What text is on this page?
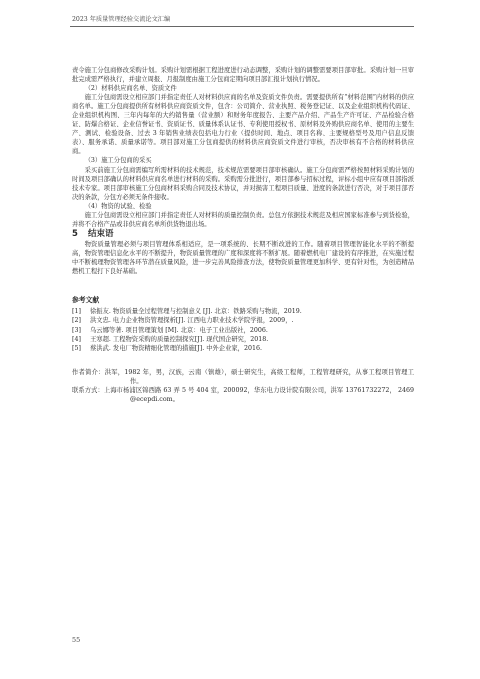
2023 年质量管理经验交流论文汇编

责令施工分包商修改采购计划。采购计划需根据工程进度进行动态调整，采购计划的调整需要项目部审批。采购计划一旦审批完成需严格执行，并建立周报、月报制度由施工分包商定期向项目部汇报计划执行情况。

（2）材料供应商名单、资质文件

施工分包商需设立相应部门并指定责任人对材料供应商的名单及资质文件负责。需要提供所有“材料范围”内材料的供应商名单。施工分包商提供所有材料供应商资质文件，包含：公司简介、营业执照、税务登记证、以及企业组织机构代码证、企业组织机构图、三年内每年的大约销售量（营业额）和财务年度报告、主要产品介绍、产品生产许可证、产品检验合格证、防爆合格证、企业信誉证书、资质证书、质量体系认证书、专利使用授权书、原材料及外购供应商名单、使用的主要生产、测试、检验设备、过去 3 年销售业绩表包括电力行业（提供时间、地点、项目名称、主要规格型号及用户信息反馈表）、服务承诺、质量承诺等。项目部对施工分包商提供的材料供应商资质文件进行审核，否决审核有不合格的材料供应商。

（3）施工分包商的采买

采买前施工分包商需编写所需材料的技术规范，技术规范需要项目部审核确认。施工分包商需严格按照材料采购计划的时间及项目部确认的材料供应商名单进行材料的采购。采购需分批进行，项目部参与招标过程，评标小组中应有项目部指派技术专家。项目部审核施工分包商材料采购合同及技术协议，并对损害工程项目质量、进度的条款进行否决，对于项目部否决的条款，分包方必须无条件接收。

（4）物资的试验、检验

施工分包商需设立相应部门并指定责任人对材料的质量控制负责。总包方依据技术规范及相应国家标准参与到货检验，并将不合格产品或非供应商名单所供货物退出场。

5 结束语

物资质量管理必须与项目管理体系相适应，是一项系统的、长期不断改进的工作。随着项目管理智能化水平的不断提高，物资管理信息化水平的不断提升，物资质量管理的广度和深度将不断扩展。随着燃机电厂建设的有序推进，在实施过程中不断梳理物资管理各环节潜在质量风险，进一步完善风险排查方法，使物资质量管理更加科学、更有针对性，为创造精品燃机工程打下良好基础。

参考文献
[1] 徐振友. 物资质量全过程管理与控制意义 [J]. 北京：铁路采购与物流，2019.
[2] 洪文忠. 电力企业物资管理探析[J]. 江西电力职业技术学院学报，2009，.
[3] 乌云娜等著. 项目管理策划 [M]. 北京：电子工业出版社，2006.
[4] 王寒超. 工程物资采购的质量控制探究[J]. 现代国企研究，2018.
[5] 蔡洪武. 发电厂物资精细化管理的措施[J]. 中外企业家，2016.

作者简介：洪军，1982 年，男，汉族，云南（镇雄），硕士研究生，高级工程师，工程管理研究，从事工程项目管理工作。

联系方式：上海市杨浦区锦西路 63 弄 5 号 404 室，200092，华东电力设计院有限公司，洪军 13761732272， 2469@ecepdi.com。

55
